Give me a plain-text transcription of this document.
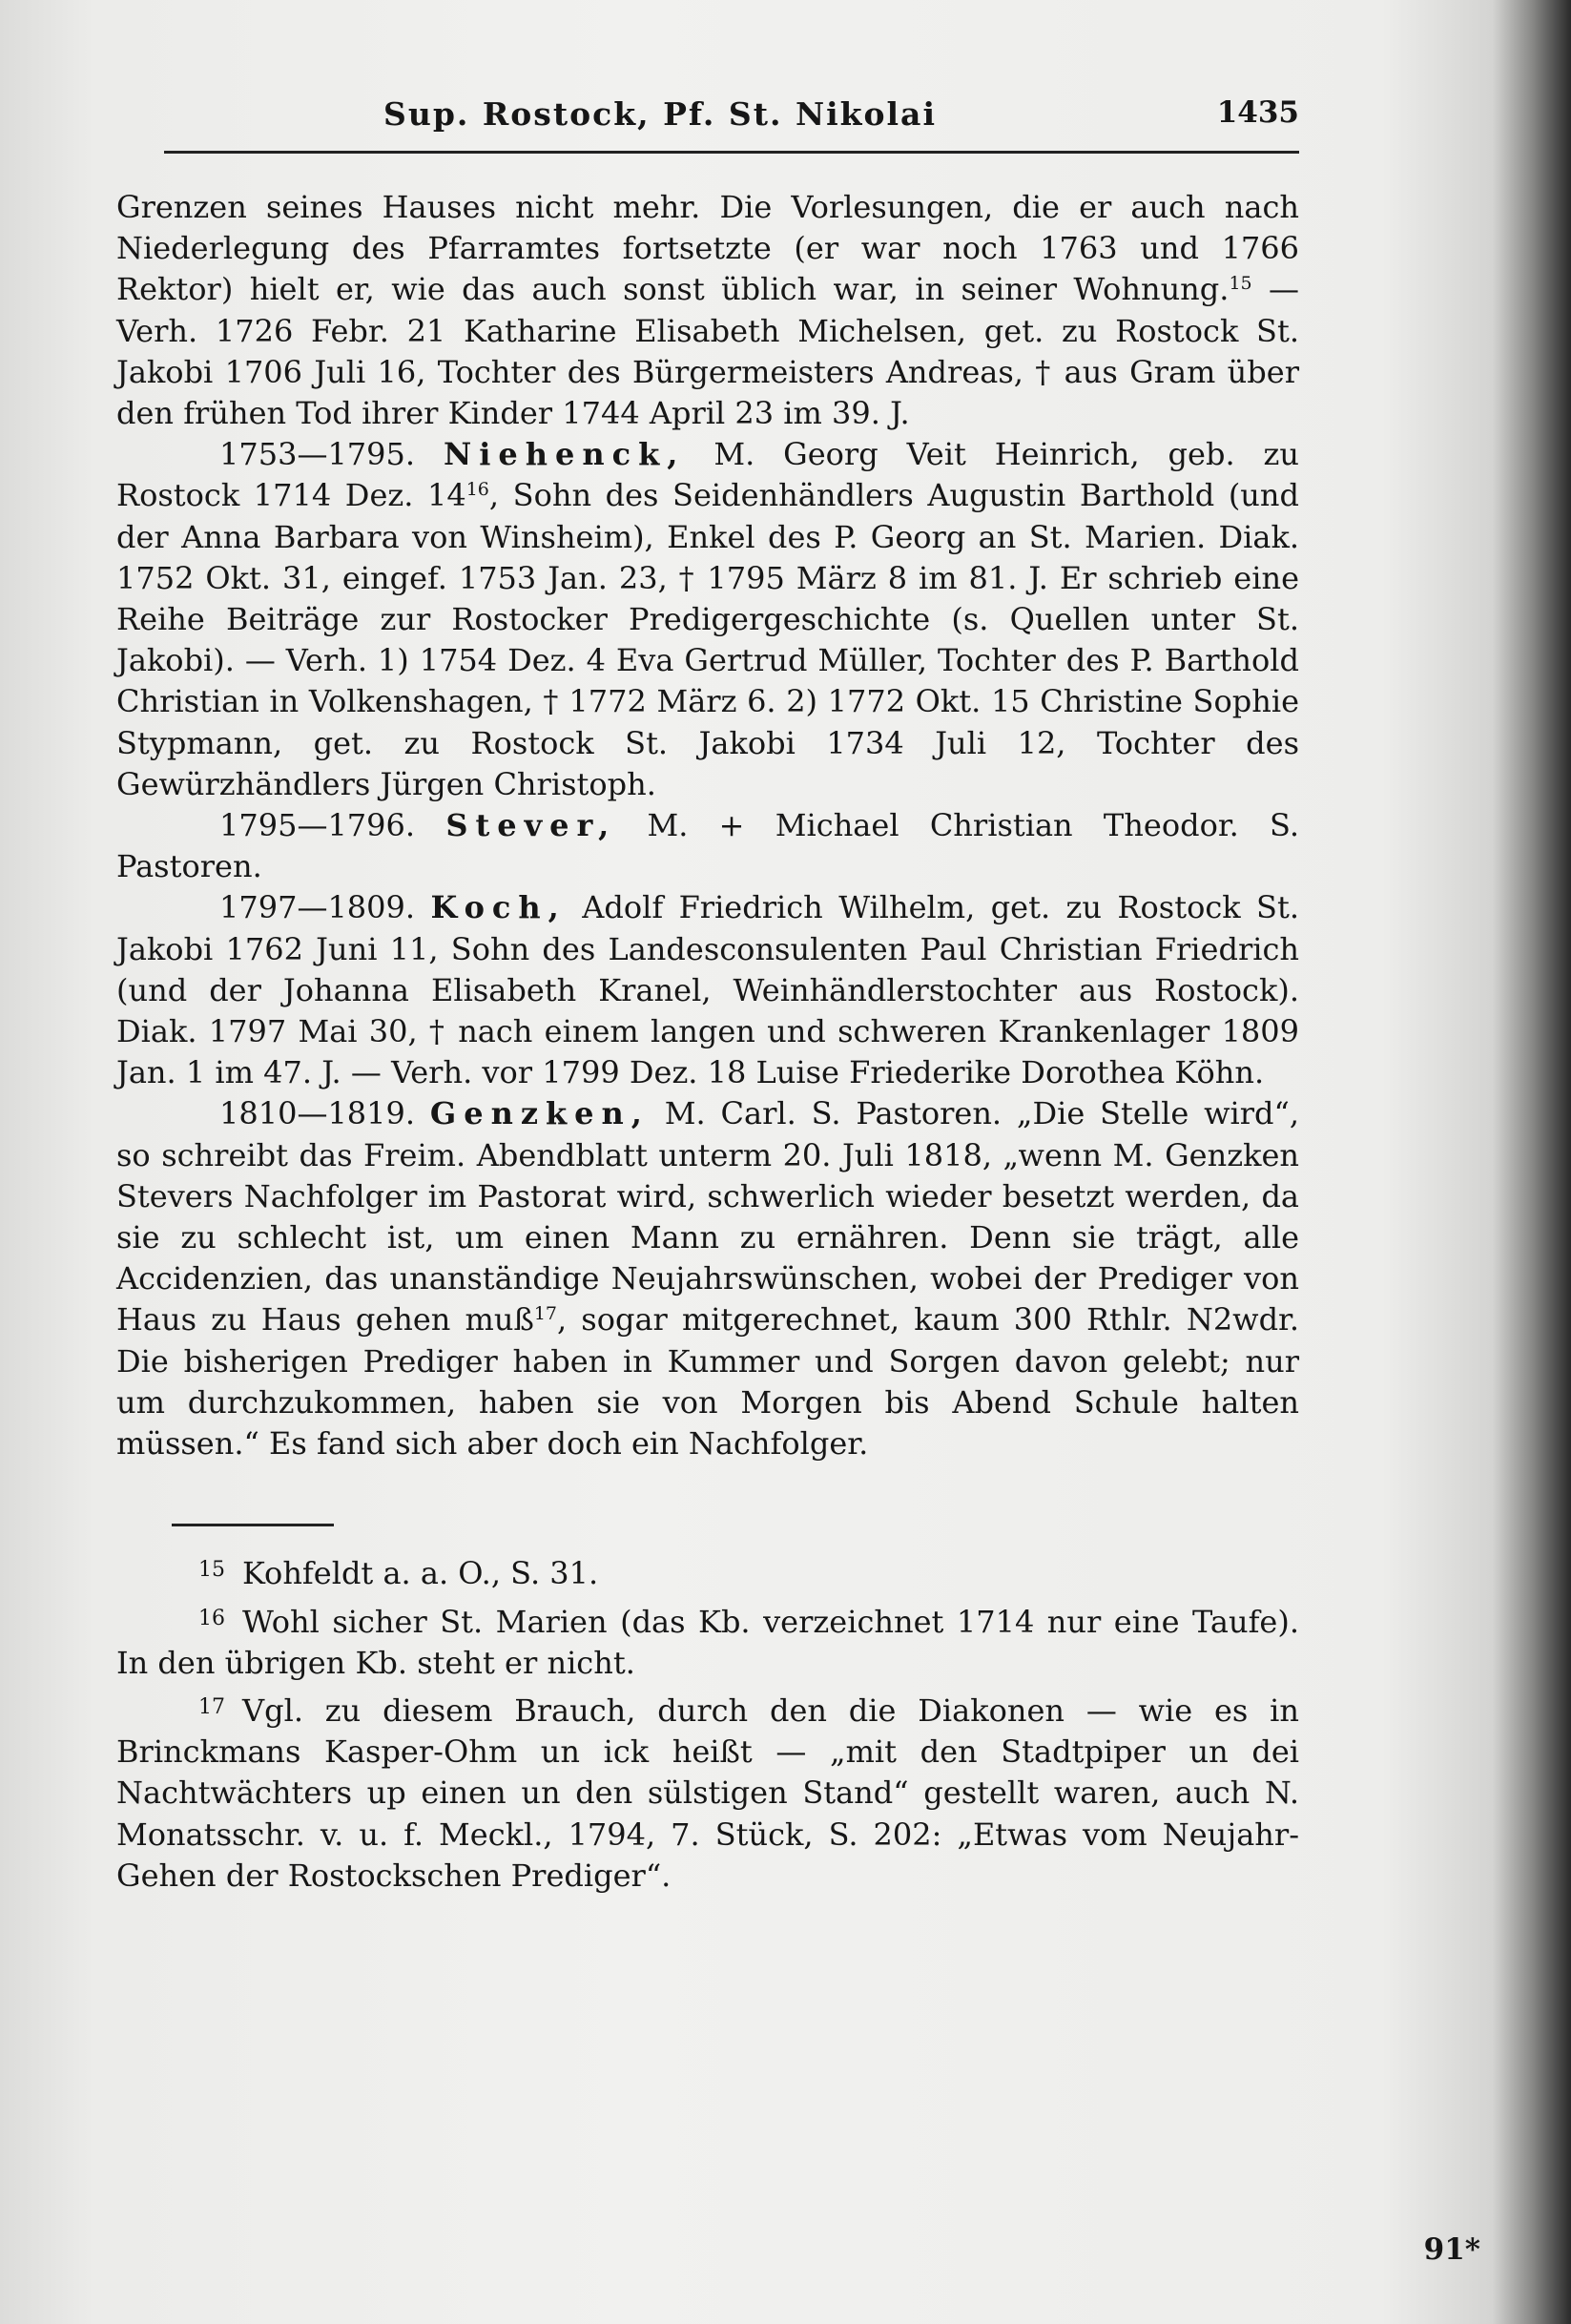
Sup. Rostock, Pf. St. Nikolai	1435

Grenzen seines Hauses nicht mehr. Die Vorlesungen, die er auch nach Niederlegung des Pfarramtes fortsetzte (er war noch 1763 und 1766 Rektor) hielt er, wie das auch sonst üblich war, in seiner Wohnung.$^{15}$ — Verh. 1726 Febr. 21 Katharine Elisabeth Michelsen, get. zu Rostock St. Jakobi 1706 Juli 16, Tochter des Bürgermeisters Andreas, † aus Gram über den frühen Tod ihrer Kinder 1744 April 23 im 39. J.

1753—1795. Niehenck, M. Georg Veit Heinrich, geb. zu Rostock 1714 Dez. $14^{16}$, Sohn des Seidenhändlers Augustin Barthold (und der Anna Barbara von Winsheim), Enkel des P. Georg an St. Marien. Diak. 1752 Okt. 31, eingef. 1753 Jan. 23, † 1795 März 8 im 81. J. Er schrieb eine Reihe Beiträge zur Rostocker Predigergeschichte (s. Quellen unter St. Jakobi). — Verh. 1) 1754 Dez. 4 Eva Gertrud Müller, Tochter des P. Barthold Christian in Volkenshagen, † 1772 März 6. 2) 1772 Okt. 15 Christine Sophie Stypmann, get. zu Rostock St. Jakobi 1734 Juli 12, Tochter des Gewürzhändlers Jürgen Christoph.

1795—1796. Stever, M. + Michael Christian Theodor. S. Pastoren.

1797—1809. Koch, Adolf Friedrich Wilhelm, get. zu Rostock St. Jakobi 1762 Juni 11, Sohn des Landesconsulenten Paul Christian Friedrich (und der Johanna Elisabeth Kranel, Weinhändlerstochter aus Rostock). Diak. 1797 Mai 30, † nach einem langen und schweren Krankenlager 1809 Jan. 1 im 47. J. — Verh. vor 1799 Dez. 18 Luise Friederike Dorothea Köhn.

1810—1819. Genzken, M. Carl. S. Pastoren. „Die Stelle wird“, so schreibt das Freim. Abendblatt unterm 20. Juli 1818, „wenn M. Genzken Stevers Nachfolger im Pastorat wird, schwerlich wieder besetzt werden, da sie zu schlecht ist, um einen Mann zu ernähren. Denn sie trägt, alle Accidenzien, das unanständige Neujahrswünschen, wobei der Prediger von Haus zu Haus gehen muß$^{17}$, sogar mitgerechnet, kaum 300 Rthlr. N2wdr. Die bisherigen Prediger haben in Kummer und Sorgen davon gelebt; nur um durchzukommen, haben sie von Morgen bis Abend Schule halten müssen.“ Es fand sich aber doch ein Nachfolger.

$^{15}$ Kohfeldt a. a. O., S. 31.

$^{16}$ Wohl sicher St. Marien (das Kb. verzeichnet 1714 nur eine Taufe). In den übrigen Kb. steht er nicht.

$^{17}$ Vgl. zu diesem Brauch, durch den die Diakonen — wie es in Brinckmans Kasper-Ohm un ick heißt — „mit den Stadtpiper un dei Nachtwächters up einen un den sülstigen Stand“ gestellt waren, auch N. Monatsschr. v. u. f. Meckl., 1794, 7. Stück, S. 202: „Etwas vom Neujahr-Gehen der Rostockschen Prediger“.

91*
